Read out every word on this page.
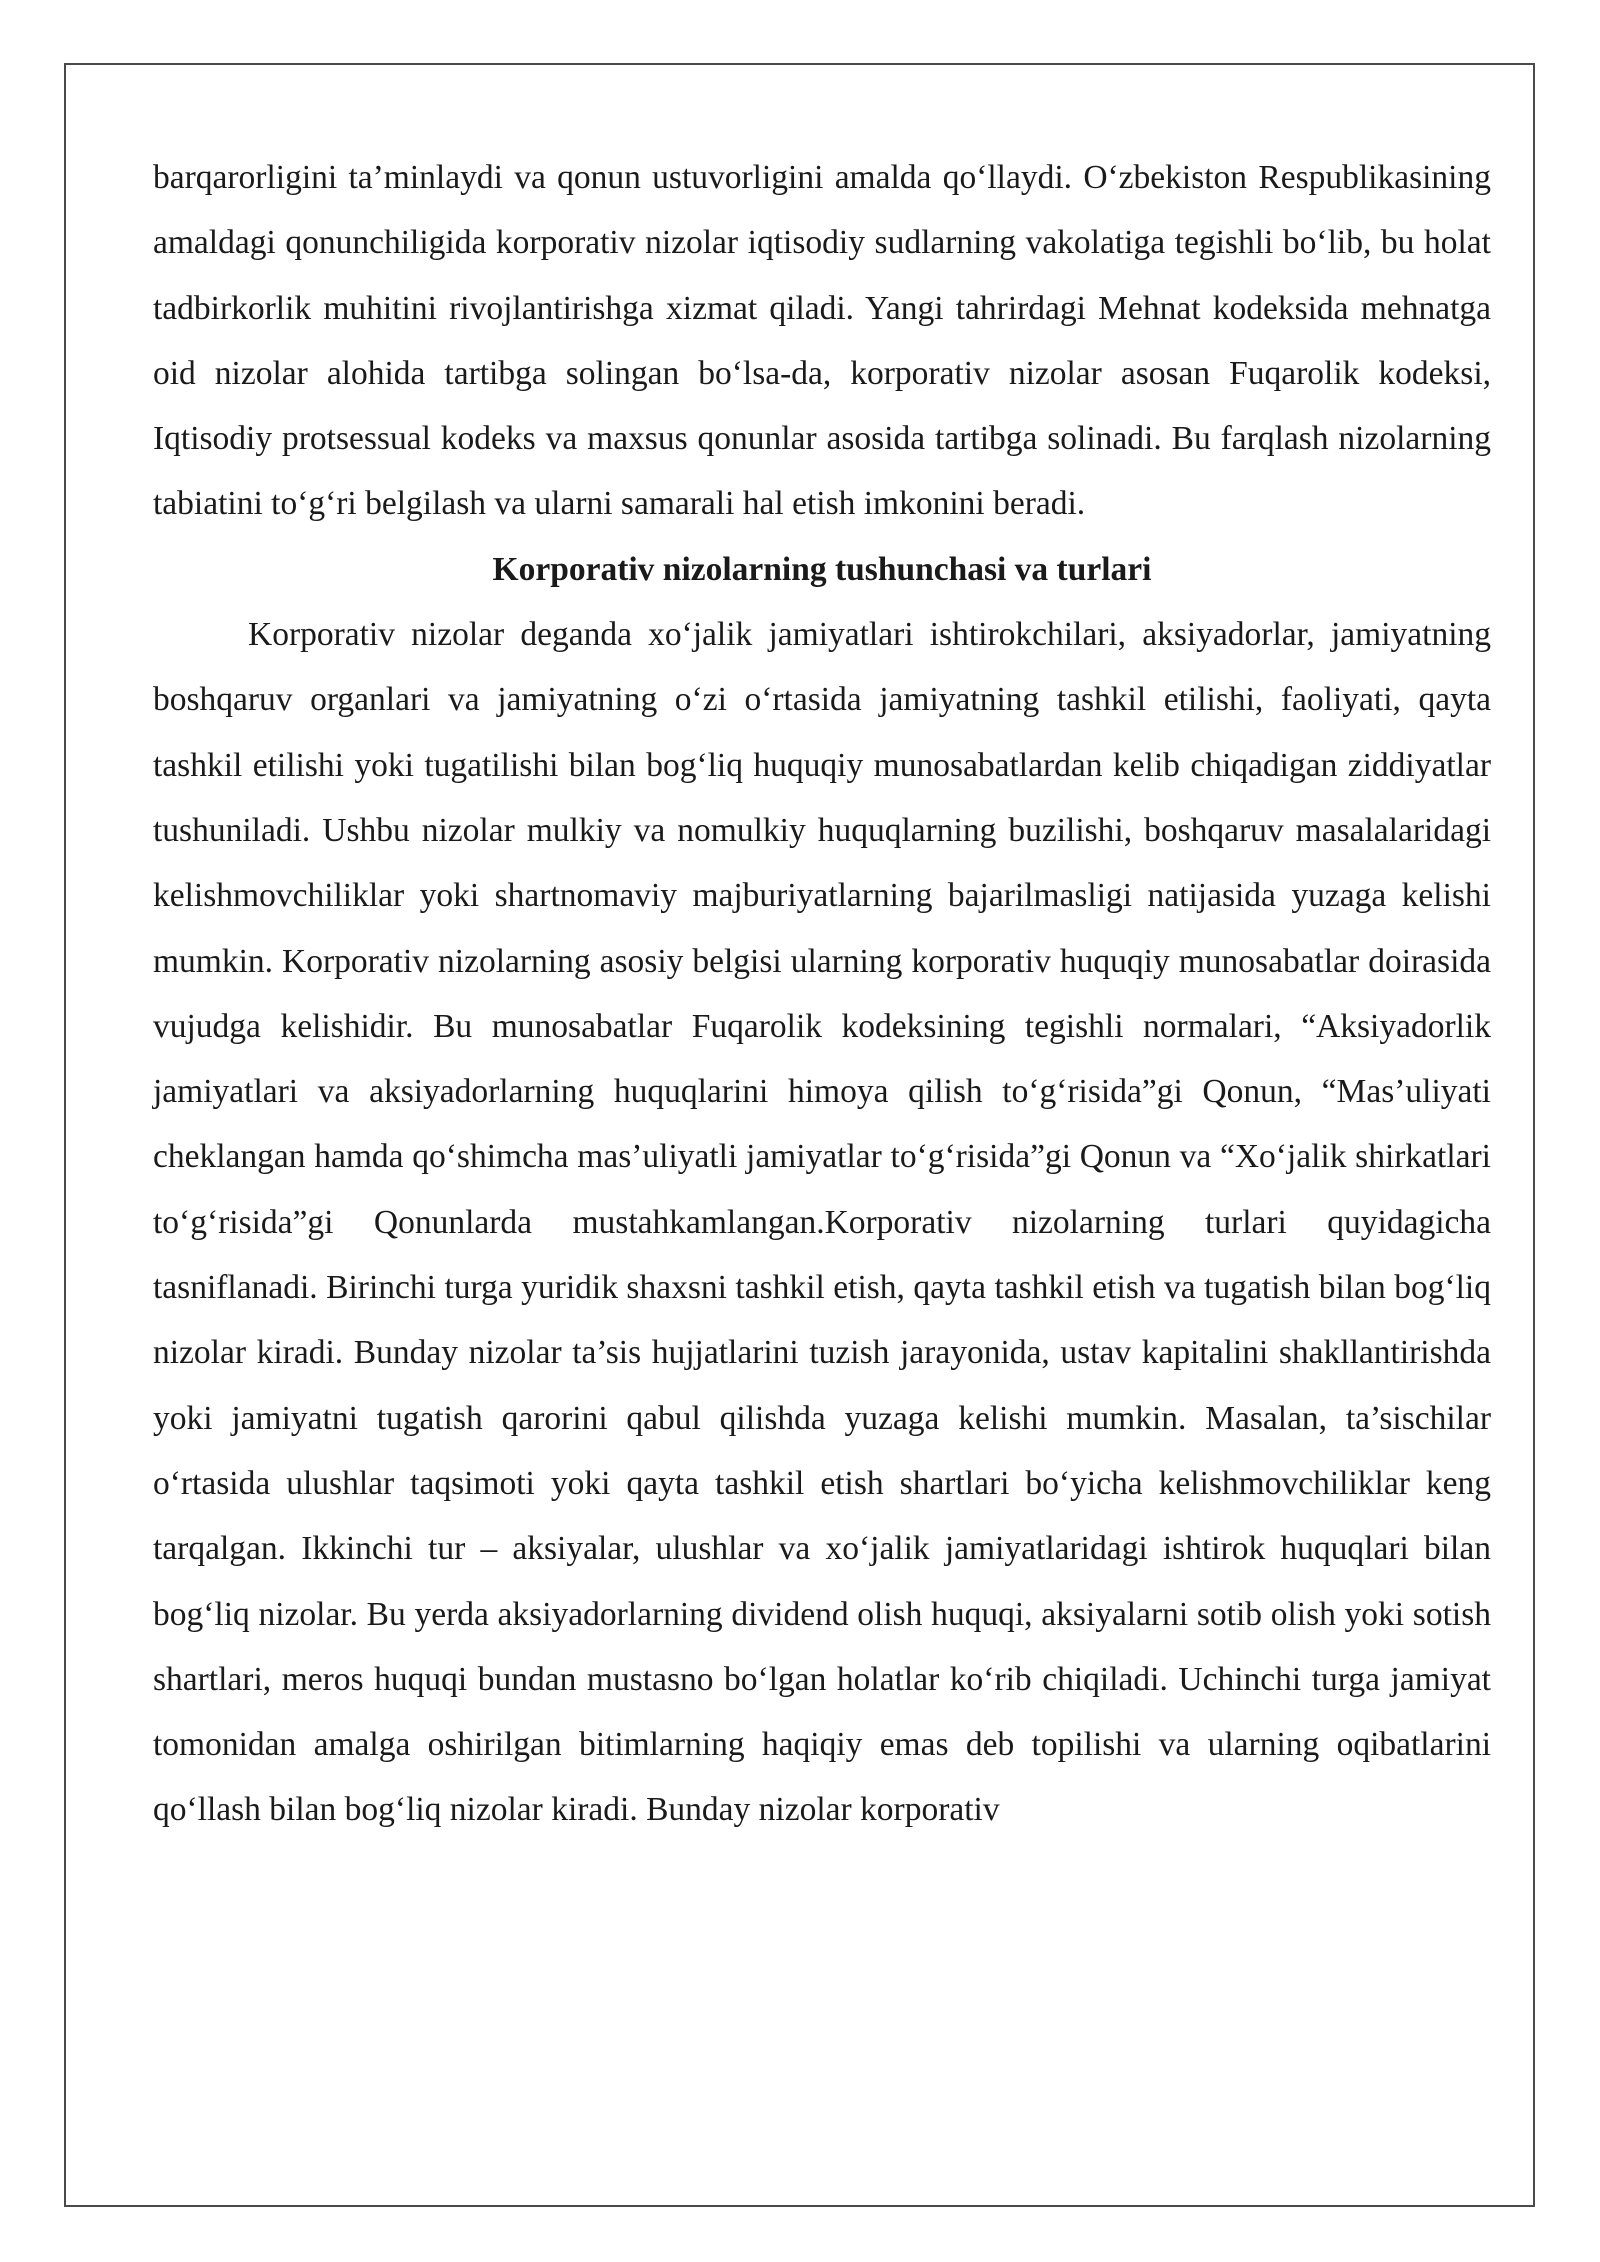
barqarorligini ta’minlaydi va qonun ustuvorligini amalda qo‘llaydi. O‘zbekiston Respublikasining amaldagi qonunchiligida korporativ nizolar iqtisodiy sudlarning vakolatiga tegishli bo‘lib, bu holat tadbirkorlik muhitini rivojlantirishga xizmat qiladi. Yangi tahrirdagi Mehnat kodeksida mehnatga oid nizolar alohida tartibga solingan bo‘lsa-da, korporativ nizolar asosan Fuqarolik kodeksi, Iqtisodiy protsessual kodeks va maxsus qonunlar asosida tartibga solinadi. Bu farqlash nizolarning tabiatini to‘g‘ri belgilash va ularni samarali hal etish imkonini beradi.

Korporativ nizolarning tushunchasi va turlari

Korporativ nizolar deganda xo‘jalik jamiyatlari ishtirokchilari, aksiyadorlar, jamiyatning boshqaruv organlari va jamiyatning o‘zi o‘rtasida jamiyatning tashkil etilishi, faoliyati, qayta tashkil etilishi yoki tugatilishi bilan bog‘liq huquqiy munosabatlardan kelib chiqadigan ziddiyatlar tushuniladi. Ushbu nizolar mulkiy va nomulkiy huquqlarning buzilishi, boshqaruv masalalaridagi kelishmovchiliklar yoki shartnomaviy majburiyatlarning bajarilmasligi natijasida yuzaga kelishi mumkin. Korporativ nizolarning asosiy belgisi ularning korporativ huquqiy munosabatlar doirasida vujudga kelishidir. Bu munosabatlar Fuqarolik kodeksining tegishli normalari, “Aksiyadorlik jamiyatlari va aksiyadorlarning huquqlarini himoya qilish to‘g‘risida”gi Qonun, “Mas’uliyati cheklangan hamda qo‘shimcha mas’uliyatli jamiyatlar to‘g‘risida”gi Qonun va “Xo‘jalik shirkatlari to‘g‘risida”gi Qonunlarda mustahkamlangan.Korporativ nizolarning turlari quyidagicha tasniflanadi. Birinchi turga yuridik shaxsni tashkil etish, qayta tashkil etish va tugatish bilan bog‘liq nizolar kiradi. Bunday nizolar ta’sis hujjatlarini tuzish jarayonida, ustav kapitalini shakllantirishda yoki jamiyatni tugatish qarorini qabul qilishda yuzaga kelishi mumkin. Masalan, ta’sischilar o‘rtasida ulushlar taqsimoti yoki qayta tashkil etish shartlari bo‘yicha kelishmovchiliklar keng tarqalgan. Ikkinchi tur – aksiyalar, ulushlar va xo‘jalik jamiyatlaridagi ishtirok huquqlari bilan bog‘liq nizolar. Bu yerda aksiyadorlarning dividend olish huquqi, aksiyalarni sotib olish yoki sotish shartlari, meros huquqi bundan mustasno bo‘lgan holatlar ko‘rib chiqiladi. Uchinchi turga jamiyat tomonidan amalga oshirilgan bitimlarning haqiqiy emas deb topilishi va ularning oqibatlarini qo‘llash bilan bog‘liq nizolar kiradi. Bunday nizolar korporativ
